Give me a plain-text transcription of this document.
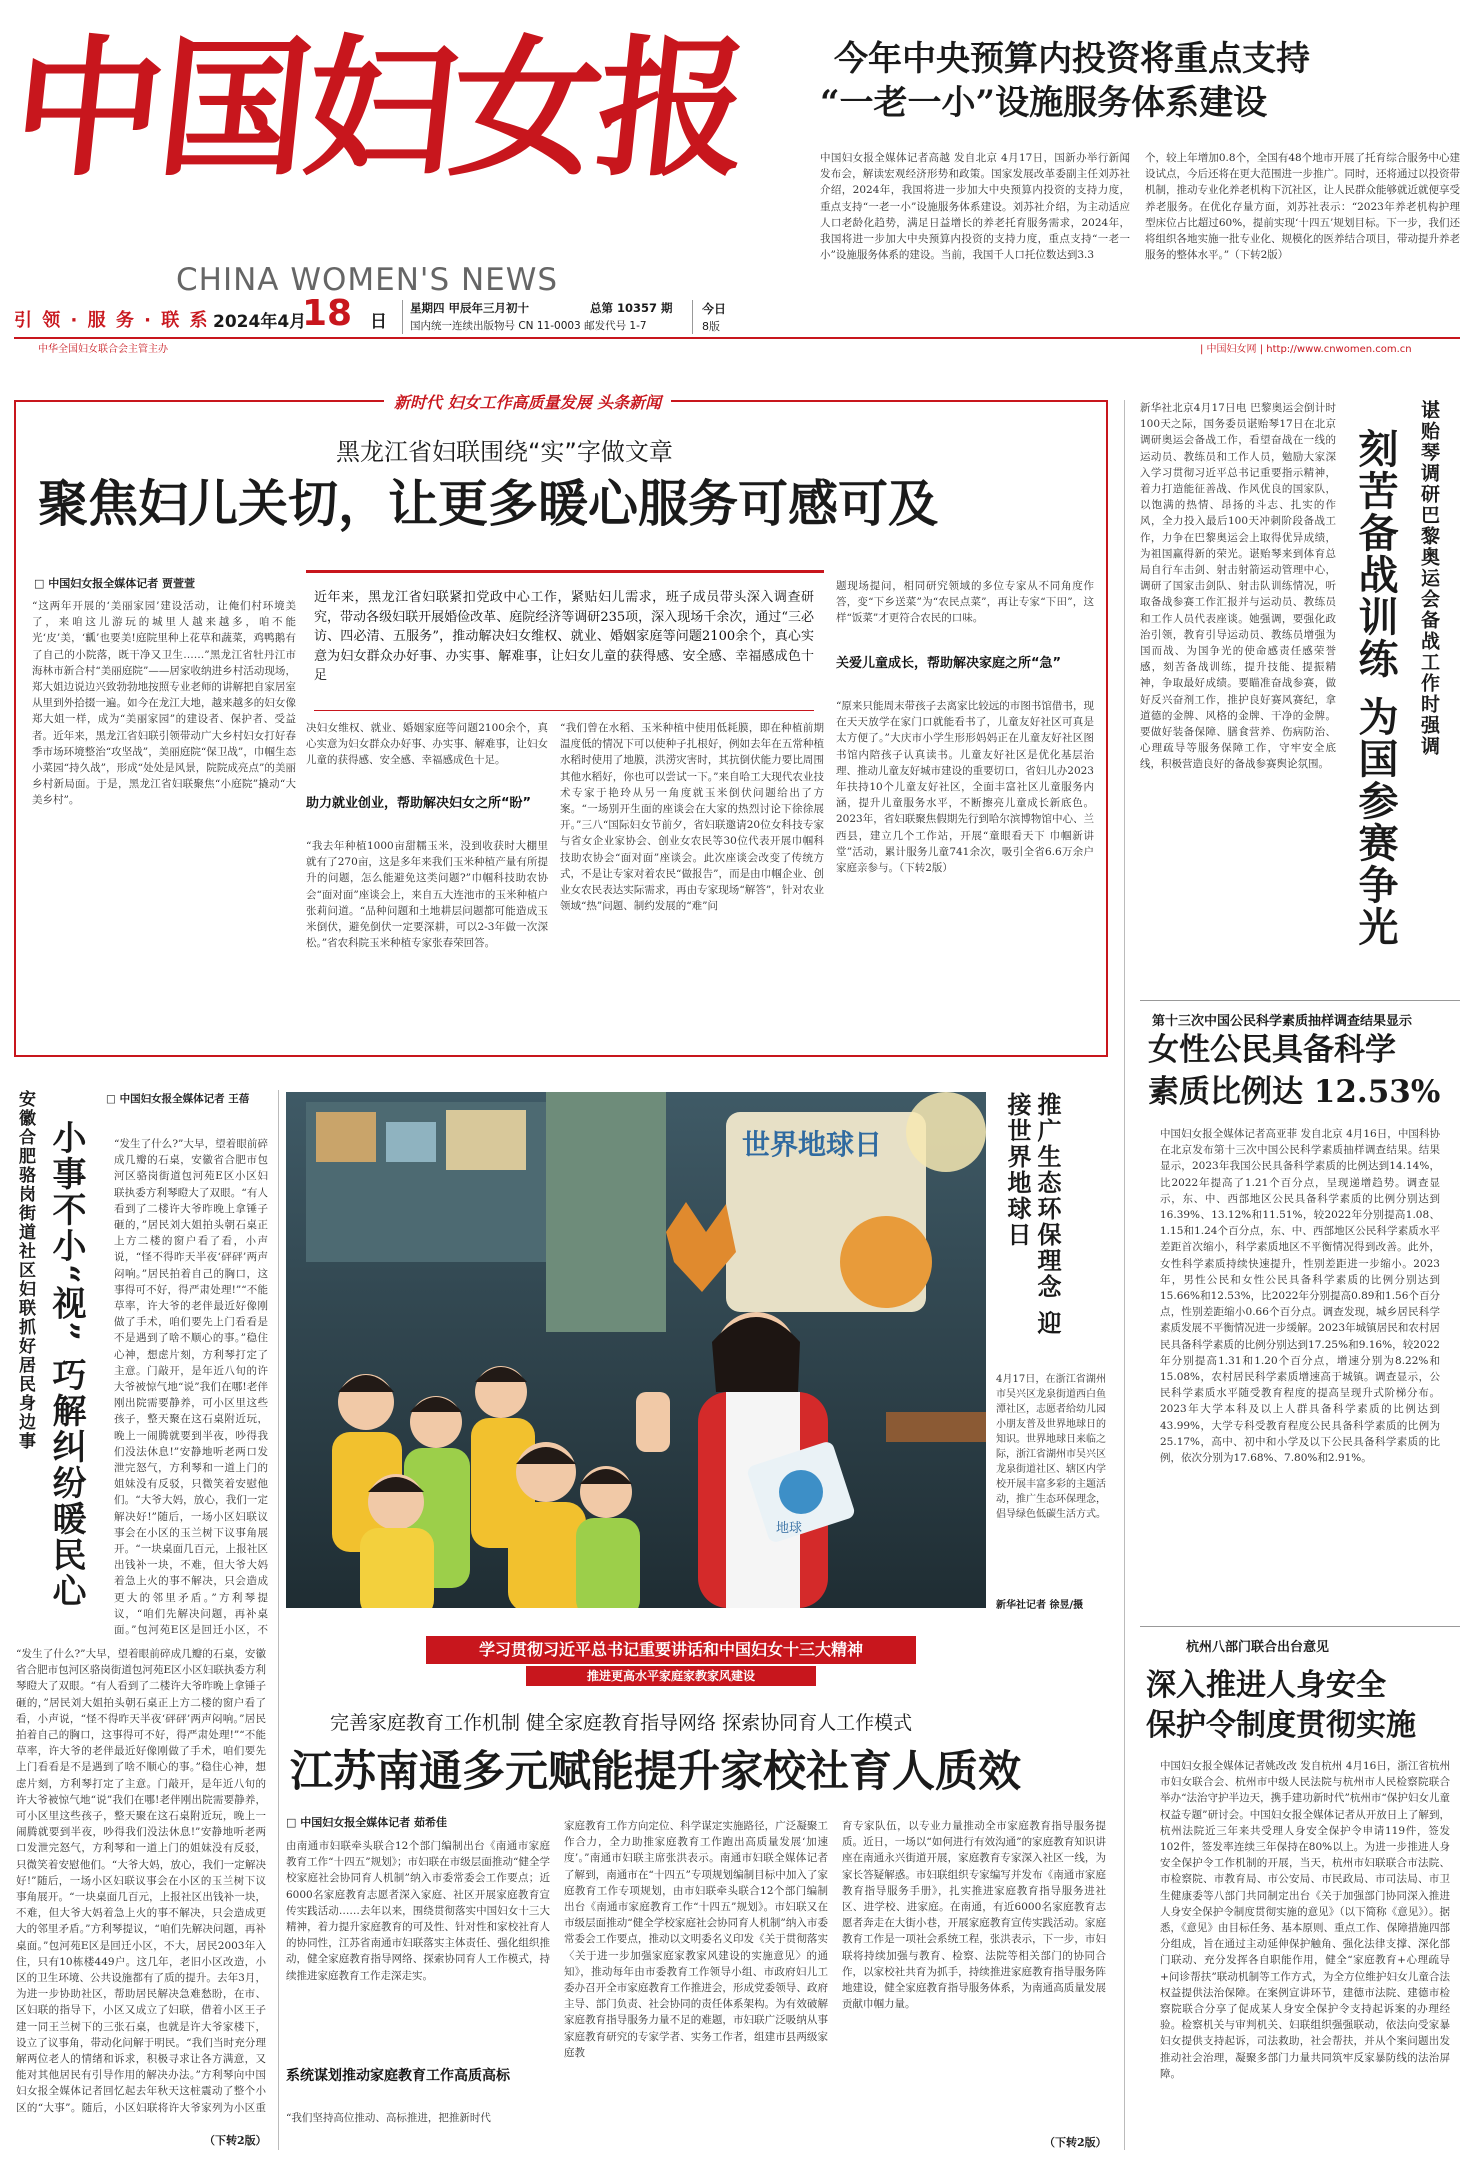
中国妇女报
CHINA WOMEN'S NEWS
引 领 · 服 务 · 联 系 2024年4月
18 日
星期四 甲辰年三月初十	总第 10357 期
国内统一连续出版物号 CN 11-0003 邮发代号 1-7
今日
8版
中华全国妇女联合会主管主办	| 中国妇女网 | http://www.cnwomen.com.cn
今年中央预算内投资将重点支持
“一老一小”设施服务体系建设
中国妇女报全媒体记者高越 发自北京 4月17日，国新办举行新闻发布会，解读宏观经济形势和政策。国家发展改革委副主任刘苏社介绍，2024年，我国将进一步加大中央预算内投资的支持力度，重点支持“一老一小”设施服务体系建设。刘苏社介绍，为主动适应人口老龄化趋势，满足日益增长的养老托育服务需求，2024年，我国将进一步加大中央预算内投资的支持力度，重点支持“一老一小”设施服务体系的建设。当前，我国千人口托位数达到3.3
个，较上年增加0.8个，全国有48个地市开展了托育综合服务中心建设试点，今后还将在更大范围进一步推广。同时，还将通过以投资带机制，推动专业化养老机构下沉社区，让人民群众能够就近就便享受养老服务。在优化存量方面，刘苏社表示：“2023年养老机构护理型床位占比超过60%，提前实现‘十四五’规划目标。下一步，我们还将组织各地实施一批专业化、规模化的医养结合项目，带动提升养老服务的整体水平。”（下转2版）
新时代 妇女工作高质量发展 头条新闻
黑龙江省妇联围绕“实”字做文章
聚焦妇儿关切，让更多暖心服务可感可及
□ 中国妇女报全媒体记者 贾萱萱
近年来，黑龙江省妇联紧扣党政中心工作，紧贴妇儿需求，班子成员带头深入调查研究，带动各级妇联开展婚俭改革、庭院经济等调研235项，深入现场千余次，通过“三必访、四必清、五服务”，推动解决妇女维权、就业、婚姻家庭等问题2100余个，真心实意为妇女群众办好事、办实事、解难事，让妇女儿童的获得感、安全感、幸福感成色十足
“这两年开展的‘美丽家园’建设活动，让俺们村环境美了，来咱这儿游玩的城里人越来越多，咱不能光‘皮’美，‘瓤’也要美!庭院里种上花草和蔬菜，鸡鸭鹅有了自己的小院落，既干净又卫生……”黑龙江省牡丹江市海林市新合村“美丽庭院”——居家收纳进乡村活动现场，郑大姐边说边兴致勃勃地按照专业老师的讲解把自家居室从里到外拾掇一遍。如今在龙江大地，越来越多的妇女像郑大姐一样，成为“美丽家园”的建设者、保护者、受益者。近年来，黑龙江省妇联引领带动广大乡村妇女打好春季市场环境整治“攻坚战”，美丽庭院“保卫战”，巾帼生态小菜园“持久战”，形成“处处是风景，院院成亮点”的美丽乡村新局面。于是，黑龙江省妇联聚焦“小庭院”撬动“大美乡村”。
决妇女维权、就业、婚姻家庭等问题2100余个，真心实意为妇女群众办好事、办实事、解难事，让妇女儿童的获得感、安全感、幸福感成色十足。
助力就业创业，帮助解决妇女之所“盼”
“我去年种植1000亩甜糯玉米，没到收获时大棚里就有了270亩，这是多年来我们玉米种植产量有所提升的问题，怎么能避免这类问题?”巾帼科技助农协会“面对面”座谈会上，来自五大连池市的玉米种植户张莉问道。“品种问题和土地耕层问题都可能造成玉米倒伏，避免倒伏一定要深耕，可以2-3年做一次深松。”省农科院玉米种植专家张春荣回答。
“我们曾在水稻、玉米种植中使用低耗膜，即在种植前期温度低的情况下可以使种子扎根好，例如去年在五常种植水稻时使用了地膜，洪涝灾害时，其抗倒伏能力要比周围其他水稻好，你也可以尝试一下。”来自哈工大现代农业技术专家于艳玲从另一角度就玉米倒伏问题给出了方案。“一场别开生面的座谈会在大家的热烈讨论下徐徐展开。”三八“国际妇女节前夕，省妇联邀请20位女科技专家与省女企业家协会、创业女农民等30位代表开展巾帼科技助农协会“面对面”座谈会。此次座谈会改变了传统方式，不是让专家对着农民“做报告”，而是由巾帼企业、创业女农民表达实际需求，再由专家现场“解答”，针对农业领域“热”问题、制约发展的“难”问
题现场提问，相同研究领域的多位专家从不同角度作答，变“下乡送菜”为“农民点菜”，再让专家“下田”，这样“饭菜”才更符合农民的口味。
关爱儿童成长，帮助解决家庭之所“急”
“原来只能周末带孩子去离家比较远的市图书馆借书，现在天天放学在家门口就能看书了，儿童友好社区可真是太方便了。”大庆市小学生形形妈妈正在儿童友好社区图书馆内陪孩子认真读书。儿童友好社区是优化基层治理、推动儿童友好城市建设的重要切口，省妇儿办2023年扶持10个儿童友好社区，全面丰富社区儿童服务内涵，提升儿童服务水平，不断擦亮儿童成长新底色。2023年，省妇联聚焦假期先行到哈尔滨博物馆中心、兰西县，建立几个工作站，开展“童眼看天下 巾帼新讲堂”活动，累计服务儿童741余次，吸引全省6.6万余户家庭亲参与。（下转2版）
新华社北京4月17日电 巴黎奥运会倒计时100天之际，国务委员谌贻琴17日在北京调研奥运会备战工作，看望奋战在一线的运动员、教练员和工作人员，勉励大家深入学习贯彻习近平总书记重要指示精神，着力打造能征善战、作风优良的国家队，以饱满的热情、昂扬的斗志、扎实的作风，全力投入最后100天冲刺阶段备战工作，力争在巴黎奥运会上取得优异成绩，为祖国赢得新的荣光。谌贻琴来到体育总局自行车击剑、射击射箭运动管理中心，调研了国家击剑队、射击队训练情况，听取备战参赛工作汇报并与运动员、教练员和工作人员代表座谈。她强调，要强化政治引领，教育引导运动员、教练员增强为国而战、为国争光的使命感责任感荣誉感，刻苦备战训练，提升技能、提振精神，争取最好成绩。要瞄准奋战参赛，做好反兴奋剂工作，推护良好赛风赛纪，拿道德的金牌、风格的金牌、干净的金牌。要做好装备保障、膳食营养、伤病防治、心理疏导等服务保障工作，守牢安全底线，积极营造良好的备战参赛舆论氛围。 刻苦备战训练 为国参赛争光 谌贻琴调研巴黎奥运会备战工作时强调
第十三次中国公民科学素质抽样调查结果显示
女性公民具备科学
素质比例达 12.53%
中国妇女报全媒体记者高亚菲 发自北京 4月16日，中国科协在北京发布第十三次中国公民科学素质抽样调查结果。结果显示，2023年我国公民具备科学素质的比例达到14.14%，比2022年提高了1.21个百分点，呈现递增趋势。调查显示，东、中、西部地区公民具备科学素质的比例分别达到16.39%、13.12%和11.51%，较2022年分别提高1.08、1.15和1.24个百分点，东、中、西部地区公民科学素质水平差距首次缩小，科学素质地区不平衡情况得到改善。此外，女性科学素质持续快速提升，性别差距进一步缩小。2023年，男性公民和女性公民具备科学素质的比例分别达到15.66%和12.53%，比2022年分别提高0.89和1.56个百分点，性别差距缩小0.66个百分点。调查发现，城乡居民科学素质发展不平衡情况进一步缓解。2023年城镇居民和农村居民具备科学素质的比例分别达到17.25%和9.16%，较2022年分别提高1.31和1.20个百分点，增速分别为8.22%和15.08%，农村居民科学素质增速高于城镇。调查显示，公民科学素质水平随受教育程度的提高呈现升式阶梯分布。2023年大学本科及以上人群具备科学素质的比例达到43.99%，大学专科受教育程度公民具备科学素质的比例为25.17%，高中、初中和小学及以下公民具备科学素质的比例，依次分别为17.68%、7.80%和2.91%。
杭州八部门联合出台意见
深入推进人身安全
保护令制度贯彻实施
中国妇女报全媒体记者姚改改 发自杭州 4月16日，浙江省杭州市妇女联合会、杭州市中级人民法院与杭州市人民检察院联合举办“法治守护半边天，携手建功新时代”杭州市“保护妇女儿童权益专题”研讨会。中国妇女报全媒体记者从开放日上了解到，杭州法院近三年来共受理人身安全保护令申请119件，签发102件，签发率连续三年保持在80%以上。为进一步推进人身安全保护令工作机制的开展，当天，杭州市妇联联合市法院、市检察院、市教育局、市公安局、市民政局、市司法局、市卫生健康委等八部门共同制定出台《关于加强部门协同深入推进人身安全保护令制度贯彻实施的意见》（以下简称《意见》）。据悉，《意见》由目标任务、基本原则、重点工作、保障措施四部分组成，旨在通过主动延伸保护触角、强化法律支撑、深化部门联动、充分发挥各自职能作用，健全“家庭教育+心理疏导+问诊帮扶”联动机制等工作方式，为全方位维护妇女儿童合法权益提供法治保障。在案例宣讲环节，建德市法院、建德市检察院联合分享了促成某人身安全保护令支持起诉案的办理经验。检察机关与审判机关、妇联组织强强联动，依法向受家暴妇女提供支持起诉，司法救助，社会帮扶，并从个案问题出发推动社会治理，凝聚多部门力量共同筑牢反家暴防线的法治屏障。
安徽合肥骆岗街道社区妇联抓好居民身边事 小事不小“视” 巧解纠纷暖民心
□ 中国妇女报全媒体记者 王蓓
“发生了什么?”大早，望着眼前碎成几瓣的石桌，安徽省合肥市包河区骆岗街道包河苑E区小区妇联执委方利琴瞪大了双眼。“有人看到了二楼许大爷昨晚上拿锤子砸的，”居民刘大姐拍头朝石桌正上方二楼的窗户看了看，小声说，“怪不得昨天半夜‘砰砰’两声闷响。”居民拍着自己的胸口，这事得可不好，得严肃处理!”“不能草率，许大爷的老伴最近好像刚做了手术，咱们要先上门看看是不是遇到了啥不顺心的事。”稳住心神，想虑片刻，方利琴打定了主意。门敲开，是年近八旬的许大爷被惊气地“说”我们在哪!老伴刚出院需要静养，可小区里这些孩子，整天聚在这石桌附近玩，晚上一闹腾就要到半夜，吵得我们没法休息!”安静地听老两口发泄完怒气，方利琴和一道上门的姐妹没有反驳，只微笑着安慰他们。“大爷大妈，放心，我们一定解决好!”随后，一场小区妇联议事会在小区的玉兰树下议事角展开。“一块桌面几百元，上报社区出钱补一块，不难，但大爷大妈着急上火的事不解决，只会造成更大的邻里矛盾。”方利琴提议，“咱们先解决问题，再补桌面。”包河苑E区是回迁小区，不
“发生了什么?”大早，望着眼前碎成几瓣的石桌，安徽省合肥市包河区骆岗街道包河苑E区小区妇联执委方利琴瞪大了双眼。“有人看到了二楼许大爷昨晚上拿锤子砸的，”居民刘大姐拍头朝石桌正上方二楼的窗户看了看，小声说，“怪不得昨天半夜‘砰砰’两声闷响。”居民拍着自己的胸口，这事得可不好，得严肃处理!”“不能草率，许大爷的老伴最近好像刚做了手术，咱们要先上门看看是不是遇到了啥不顺心的事。”稳住心神，想虑片刻，方利琴打定了主意。门敲开，是年近八旬的许大爷被惊气地“说”我们在哪!老伴刚出院需要静养，可小区里这些孩子，整天聚在这石桌附近玩，晚上一闹腾就要到半夜，吵得我们没法休息!”安静地听老两口发泄完怒气，方利琴和一道上门的姐妹没有反驳，只微笑着安慰他们。“大爷大妈，放心，我们一定解决好!”随后，一场小区妇联议事会在小区的玉兰树下议事角展开。“一块桌面几百元，上报社区出钱补一块，不难，但大爷大妈着急上火的事不解决，只会造成更大的邻里矛盾。”方利琴提议，“咱们先解决问题，再补桌面。”包河苑E区是回迁小区，不大，居民2003年入住，只有10栋楼449户。这几年，老旧小区改造，小区的卫生环境、公共设施都有了质的提升。去年3月，为进一步协助社区，帮助居民解决急难愁盼，在市、区妇联的指导下，小区又成立了妇联，借着小区王子建一同王兰树下的三张石桌，也就是许大爷家楼下，设立了议事角，带动化问解于明民。“我们当时充分理解两位老人的情绪和诉求，积极寻求让各方满意，又能对其他居民有引导作用的解决办法。”方利琴向中国妇女报全媒体记者回忆起去年秋天这桩震动了整个小区的“大事”。随后，小区妇联将许大爷家列为小区重
（下转2版）
世界地球日
地球
推广生态环保理念 迎接世界地球日
4月17日，在浙江省湖州市吴兴区龙泉街道西白鱼潭社区，志愿者给幼儿园小朋友普及世界地球日的知识。世界地球日来临之际，浙江省湖州市吴兴区龙泉街道社区、辖区内学校开展丰富多彩的主题活动，推广生态环保理念，倡导绿色低碳生活方式。
新华社记者 徐昱/摄
学习贯彻习近平总书记重要讲话和中国妇女十三大精神
推进更高水平家庭家教家风建设
完善家庭教育工作机制 健全家庭教育指导网络 探索协同育人工作模式
江苏南通多元赋能提升家校社育人质效
□ 中国妇女报全媒体记者 茹希佳
由南通市妇联牵头联合12个部门编制出台《南通市家庭教育工作“十四五”规划》；市妇联在市级层面推动“健全学校家庭社会协同育人机制”纳入市委常委会工作要点；近6000名家庭教育志愿者深入家庭、社区开展家庭教育宣传实践活动……去年以来，围绕贯彻落实中国妇女十三大精神，着力提升家庭教育的可及性、针对性和家校社育人的协同性，江苏省南通市妇联落实主体责任、强化组织推动，健全家庭教育指导网络、探索协同育人工作模式，持续推进家庭教育工作走深走实。
系统谋划推动家庭教育工作高质高标
“我们坚持高位推动、高标推进，把推新时代
家庭教育工作方向定位、科学谋定实施路径，广泛凝聚工作合力，全力助推家庭教育工作跑出高质量发展‘加速度’。”南通市妇联主席张洪表示。南通市妇联全媒体记者了解到，南通市在“十四五”专项规划编制目标中加入了家庭教育工作专项规划，由市妇联牵头联合12个部门编制出台《南通市家庭教育工作“十四五”规划》。市妇联又在市级层面推动“健全学校家庭社会协同育人机制”纳入市委常委会工作要点，推动以文明委名义印发《关于贯彻落实〈关于进一步加强家庭家教家风建设的实施意见〉的通知》，推动每年由市委教育工作领导小组、市政府妇儿工委办召开全市家庭教育工作推进会，形成党委领导、政府主导、部门负责、社会协同的责任体系架构。为有效破解家庭教育指导服务力量不足的难题，市妇联广泛吸纳从事家庭教育研究的专家学者、实务工作者，组建市县两级家庭教
育专家队伍，以专业力量推动全市家庭教育指导服务提质。近日，一场以“如何进行有效沟通”的家庭教育知识讲座在南通永兴街道开展，家庭教育专家深入社区一线，为家长答疑解惑。市妇联组织专家编写并发布《南通市家庭教育指导服务手册》，扎实推进家庭教育指导服务进社区、进学校、进家庭。在南通，有近6000名家庭教育志愿者奔走在大街小巷，开展家庭教育宣传实践活动。家庭教育工作是一项社会系统工程，张洪表示，下一步，市妇联将持续加强与教育、检察、法院等相关部门的协同合作，以家校社共育为抓手，持续推进家庭教育指导服务阵地建设，健全家庭教育指导服务体系，为南通高质量发展贡献巾帼力量。
（下转2版）
